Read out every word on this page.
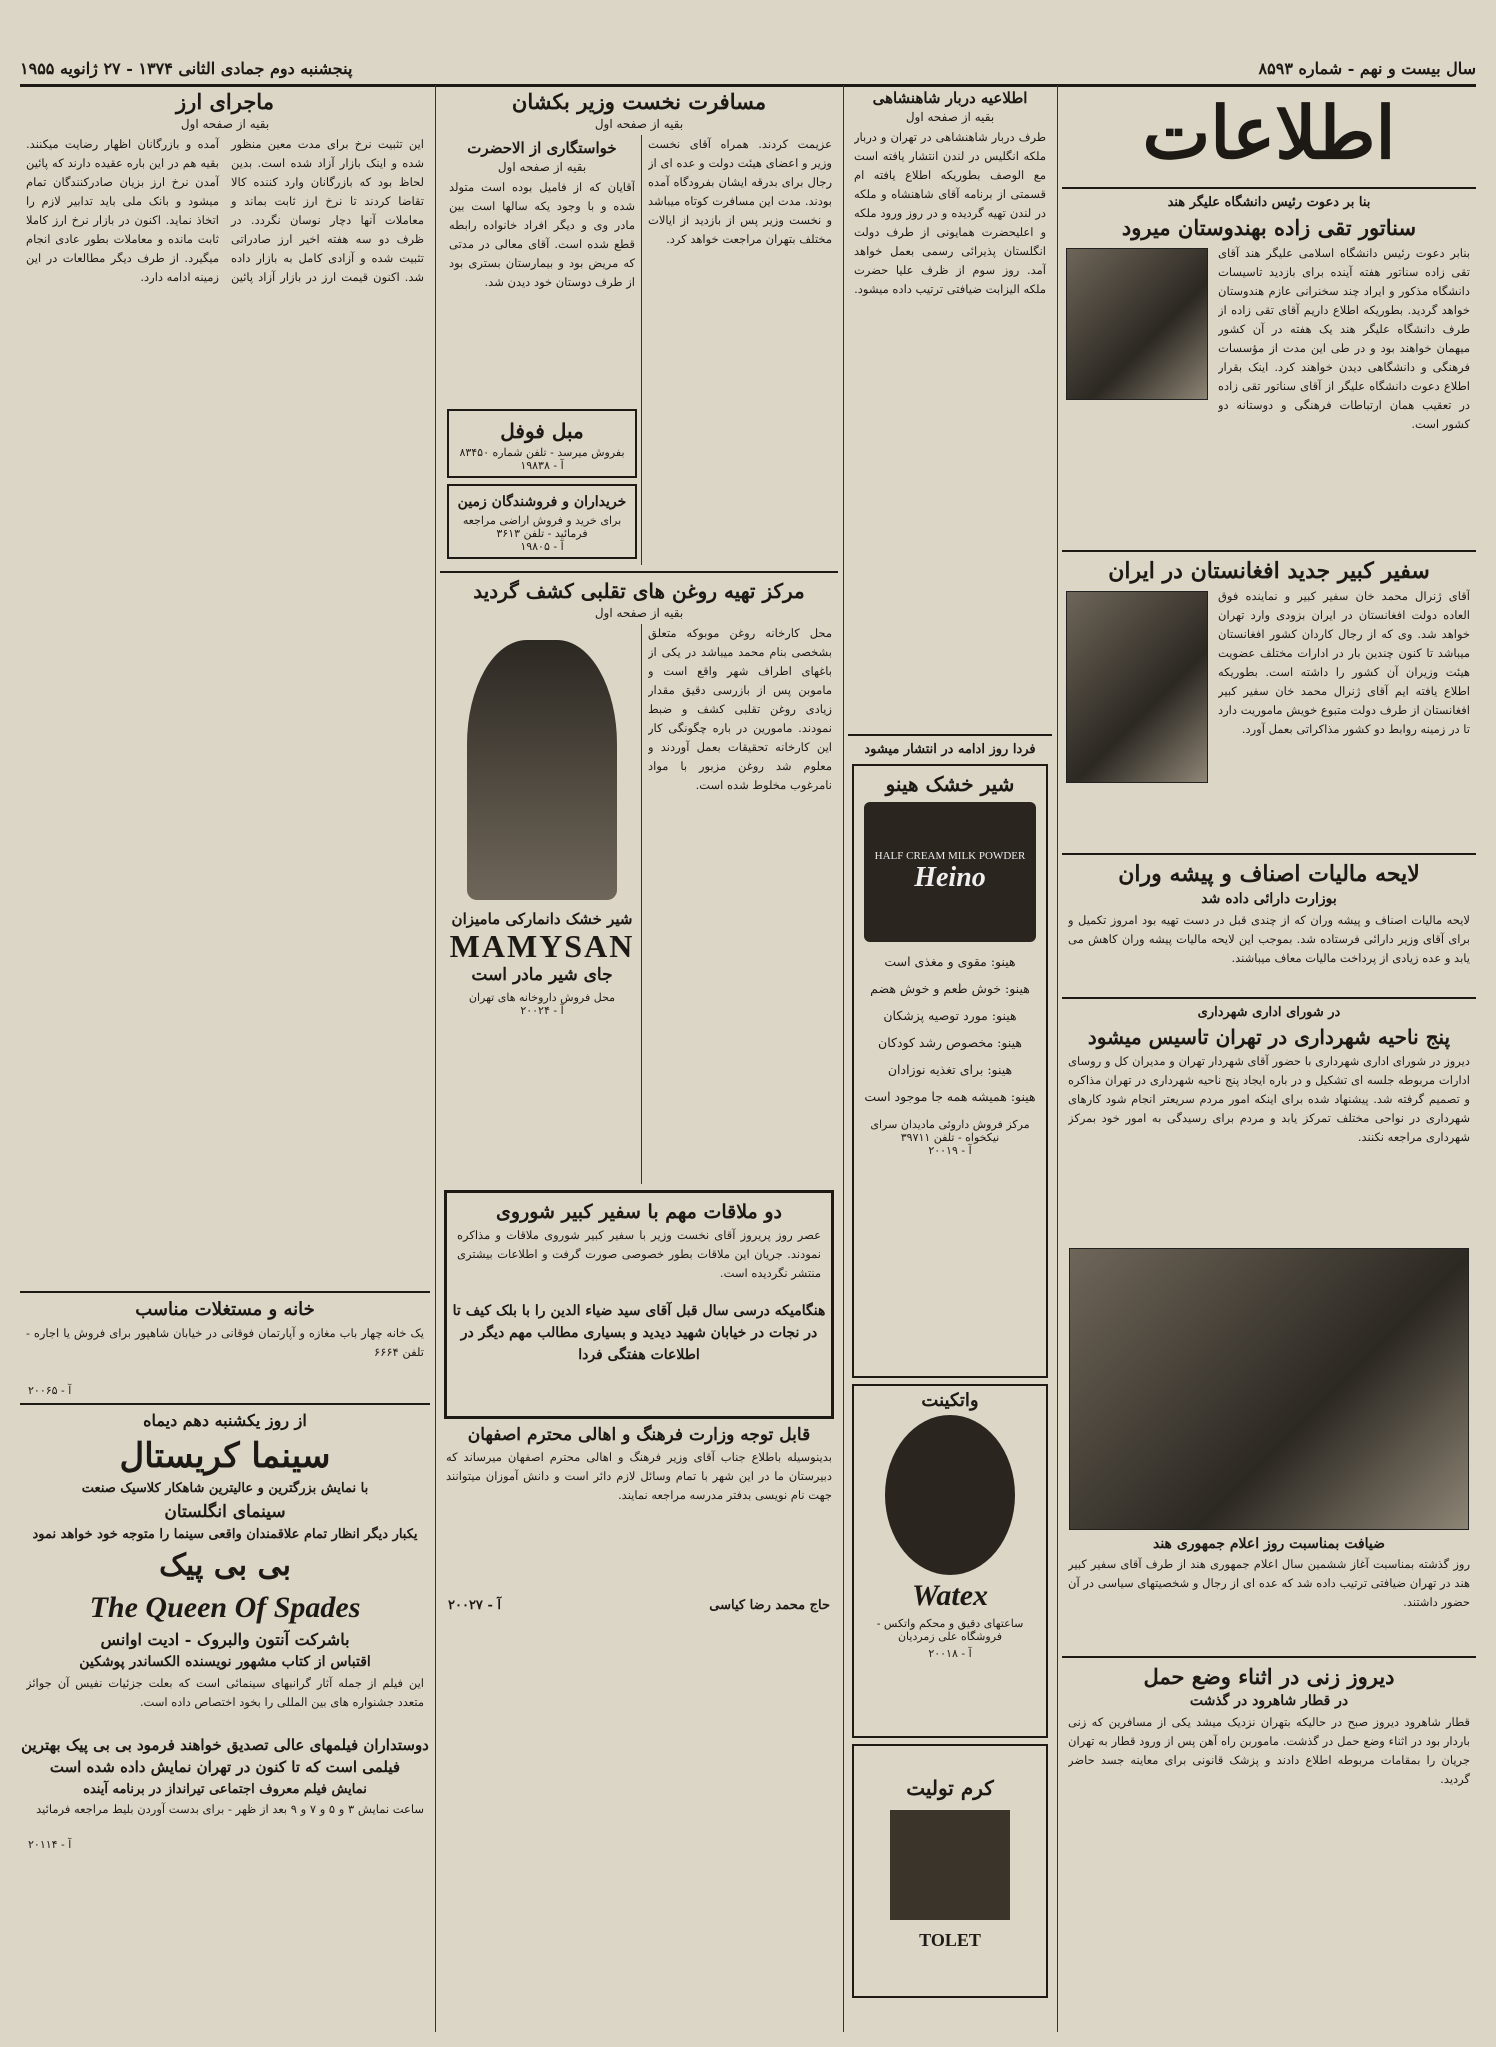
سال بیست و نهم - شماره ۸۵۹۳
پنجشنبه دوم جمادی الثانی ۱۳۷۴ - ۲۷ ژانویه ۱۹۵۵
اطلاعات
بنا بر دعوت رئیس دانشگاه علیگر هند
سناتور تقی زاده بهندوستان میرود
بنابر دعوت رئیس دانشگاه اسلامی علیگر هند آقای تقی زاده سناتور هفته آینده برای بازدید تاسیسات دانشگاه مذکور و ایراد چند سخنرانی عازم هندوستان خواهد گردید. بطوریکه اطلاع داریم آقای تقی زاده از طرف دانشگاه علیگر هند یک هفته در آن کشور میهمان خواهند بود و در طی این مدت از مؤسسات فرهنگی و دانشگاهی دیدن خواهند کرد. اینک بقرار اطلاع دعوت دانشگاه علیگر از آقای سناتور تقی زاده در تعقیب همان ارتباطات فرهنگی و دوستانه دو کشور است.
سفیر کبیر جدید افغانستان در ایران
آقای ژنرال محمد خان سفیر کبیر و نماینده فوق العاده دولت افغانستان در ایران بزودی وارد تهران خواهد شد. وی که از رجال کاردان کشور افغانستان میباشد تا کنون چندین بار در ادارات مختلف عضویت هیئت وزیران آن کشور را داشته است. بطوریکه اطلاع یافته ایم آقای ژنرال محمد خان سفیر کبیر افغانستان از طرف دولت متبوع خویش ماموریت دارد تا در زمینه روابط دو کشور مذاکراتی بعمل آورد.
لایحه مالیات اصناف و پیشه وران
بوزارت دارائی داده شد
لایحه مالیات اصناف و پیشه وران که از چندی قبل در دست تهیه بود امروز تکمیل و برای آقای وزیر دارائی فرستاده شد. بموجب این لایحه مالیات پیشه وران کاهش می یابد و عده زیادی از پرداخت مالیات معاف میباشند.
در شورای اداری شهرداری
پنج ناحیه شهرداری در تهران تاسیس میشود
دیروز در شورای اداری شهرداری با حضور آقای شهردار تهران و مدیران کل و روسای ادارات مربوطه جلسه ای تشکیل و در باره ایجاد پنج ناحیه شهرداری در تهران مذاکره و تصمیم گرفته شد. پیشنهاد شده برای اینکه امور مردم سریعتر انجام شود کارهای شهرداری در نواحی مختلف تمرکز یابد و مردم برای رسیدگی به امور خود بمرکز شهرداری مراجعه نکنند.
ضیافت بمناسبت روز اعلام جمهوری هند
روز گذشته بمناسبت آغاز ششمین سال اعلام جمهوری هند از طرف آقای سفیر کبیر هند در تهران ضیافتی ترتیب داده شد که عده ای از رجال و شخصیتهای سیاسی در آن حضور داشتند.
دیروز زنی در اثناء وضع حمل
در قطار شاهرود در گذشت
قطار شاهرود دیروز صبح در حالیکه بتهران نزدیک میشد یکی از مسافرین که زنی باردار بود در اثناء وضع حمل در گذشت. ماموربن راه آهن پس از ورود قطار به تهران جریان را بمقامات مربوطه اطلاع دادند و پزشک قانونی برای معاینه جسد حاضر گردید.
اطلاعیه دربار شاهنشاهی
بقیه از صفحه اول
طرف دربار شاهنشاهی در تهران و دربار ملکه انگلیس در لندن انتشار یافته است مع الوصف بطوریکه اطلاع یافته ام قسمتی از برنامه آقای شاهنشاه و ملکه در لندن تهیه گردیده و در روز ورود ملکه و اعلیحضرت همایونی از طرف دولت انگلستان پذیرائی رسمی بعمل خواهد آمد. روز سوم از ظرف علیا حضرت ملکه الیزابت ضیافتی ترتیب داده میشود.
فردا روز ادامه در انتشار میشود
شیر خشک هینو
HALF CREAM MILK POWDER
Heino
هینو: مقوی و مغذی است
هینو: خوش طعم و خوش هضم
هینو: مورد توصیه پزشکان
هینو: مخصوص رشد کودکان
هینو: برای تغذیه نوزادان
هینو: همیشه همه جا موجود است
مرکز فروش داروئی مادیدان سرای نیکخواه - تلفن ۳۹۷۱۱
آ - ۲۰۰۱۹
واتکینت
Watex
ساعتهای دقیق و محکم واتکس - فروشگاه علی زمردیان
آ - ۲۰۰۱۸
کرم تولیت
TOLET
مسافرت نخست وزیر بکشان
بقیه از صفحه اول
عزیمت کردند. همراه آقای نخست وزیر و اعضای هیئت دولت و عده ای از رجال برای بدرقه ایشان بفرودگاه آمده بودند. مدت این مسافرت کوتاه میباشد و نخست وزیر پس از بازدید از ایالات مختلف بتهران مراجعت خواهد کرد.
خواستگاری از الاحضرت
بقیه از صفحه اول
آقایان که از فامیل بوده است متولد شده و با وجود یکه سالها است بین مادر وی و دیگر افراد خانواده رابطه قطع شده است. آقای معالی در مدتی که مریض بود و بیمارستان بستری بود از طرف دوستان خود دیدن شد.
مبل فوفل
بفروش میرسد - تلفن شماره ۸۳۴۵۰
آ - ۱۹۸۳۸
خریداران و فروشندگان زمین
برای خرید و فروش اراضی مراجعه فرمائید - تلفن ۳۶۱۳
آ - ۱۹۸۰۵
مرکز تهیه روغن های تقلبی کشف گردید
بقیه از صفحه اول
محل کارخانه روغن موبوکه متعلق بشخصی بنام محمد میباشد در یکی از باغهای اطراف شهر واقع است و ماموبن پس از بازرسی دقیق مقدار زیادی روغن تقلبی کشف و ضبط نمودند. مامورین در باره چگونگی کار این کارخانه تحقیقات بعمل آوردند و معلوم شد روغن مزبور با مواد نامرغوب مخلوط شده است.
شیر خشک دانمارکی مامیزان
MAMYSAN
جای شیر مادر است
محل فروش داروخانه های تهران
آ - ۲۰۰۲۴
دو ملاقات مهم با سفیر کبیر شوروی
عصر روز پریروز آقای نخست وزیر با سفیر کبیر شوروی ملاقات و مذاکره نمودند. جریان این ملاقات بطور خصوصی صورت گرفت و اطلاعات بیشتری منتشر نگردیده است.
هنگامیکه درسی سال قبل آقای سید ضیاء الدین را با بلک کیف تا در نجات در خیابان شهید دیدید و بسیاری مطالب مهم دیگر در اطلاعات هفتگی فردا
قابل توجه وزارت فرهنگ و اهالی محترم اصفهان
بدینوسیله باطلاع جناب آقای وزیر فرهنگ و اهالی محترم اصفهان میرساند که دبیرستان ما در این شهر با تمام وسائل لازم دائر است و دانش آموزان میتوانند جهت نام نویسی بدفتر مدرسه مراجعه نمایند.
حاج محمد رضا کیاسی
آ - ۲۰۰۲۷
ماجرای ارز
بقیه از صفحه اول
این تثبیت نرخ برای مدت معین منظور شده و اینک بازار آزاد شده است. بدین لحاظ بود که بازرگانان وارد کننده کالا تقاضا کردند تا نرخ ارز ثابت بماند و معاملات آنها دچار نوسان نگردد. در ظرف دو سه هفته اخیر ارز صادراتی تثبیت شده و آزادی کامل به بازار داده شد. اکنون قیمت ارز در بازار آزاد پائین آمده و بازرگانان اظهار رضایت میکنند. بقیه هم در این باره عقیده دارند که پائین آمدن نرخ ارز بزیان صادرکنندگان تمام میشود و بانک ملی باید تدابیر لازم را اتخاذ نماید. اکنون در بازار نرخ ارز کاملا ثابت مانده و معاملات بطور عادی انجام میگیرد. از طرف دیگر مطالعات در این زمینه ادامه دارد.
خانه و مستغلات مناسب
یک خانه چهار باب مغازه و آپارتمان فوقانی در خیابان شاهپور برای فروش یا اجاره - تلفن ۶۶۶۴
آ - ۲۰۰۶۵
از روز یکشنبه دهم دیماه
سینما کریستال
با نمایش بزرگترین و عالیترین شاهکار کلاسیک صنعت
سینمای انگلستان
یکبار دیگر انظار تمام علاقمندان واقعی سینما را متوجه خود خواهد نمود
بی بی پیک
The Queen Of Spades
باشرکت آنتون والبروک - ادیت اوانس
اقتباس از کتاب مشهور نویسنده الکساندر پوشکین
این فیلم از جمله آثار گرانبهای سینمائی است که بعلت جزئیات نفیس آن جوائز متعدد جشنواره های بین المللی را بخود اختصاص داده است.
دوستداران فیلمهای عالی تصدیق خواهند فرمود بی بی پیک بهترین فیلمی است که تا کنون در تهران نمایش داده شده است
نمایش فیلم معروف اجتماعی تیرانداز در برنامه آینده
ساعت نمایش ۳ و ۵ و ۷ و ۹ بعد از ظهر - برای بدست آوردن بلیط مراجعه فرمائید
آ - ۲۰۱۱۴
